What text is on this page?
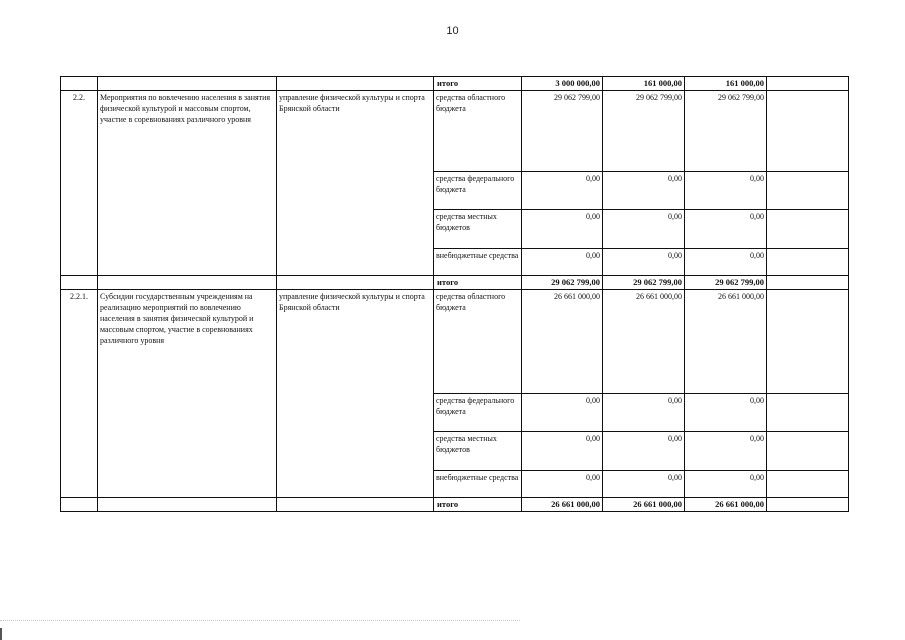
10
			итого	3 000 000,00	161 000,00	161 000,00	
2.2.	Мероприятия по вовлечению населения в занятия физической культурой и массовым спортом, участие в соревнованиях различного уровня	управление физической культуры и спорта Брянской области	средства областного бюджета	29 062 799,00	29 062 799,00	29 062 799,00	
			средства федерального бюджета	0,00	0,00	0,00	
			средства местных бюджетов	0,00	0,00	0,00	
			внебюджетные средства	0,00	0,00	0,00	
			итого	29 062 799,00	29 062 799,00	29 062 799,00	
2.2.1.	Субсидии государственным учреждениям на реализацию мероприятий по вовлечению населения в занятия физической культурой и массовым спортом, участие в соревнованиях различного уровня	управление физической культуры и спорта Брянской области	средства областного бюджета	26 661 000,00	26 661 000,00	26 661 000,00	
			средства федерального бюджета	0,00	0,00	0,00	
			средства местных бюджетов	0,00	0,00	0,00	
			внебюджетные средства	0,00	0,00	0,00	
			итого	26 661 000,00	26 661 000,00	26 661 000,00	
